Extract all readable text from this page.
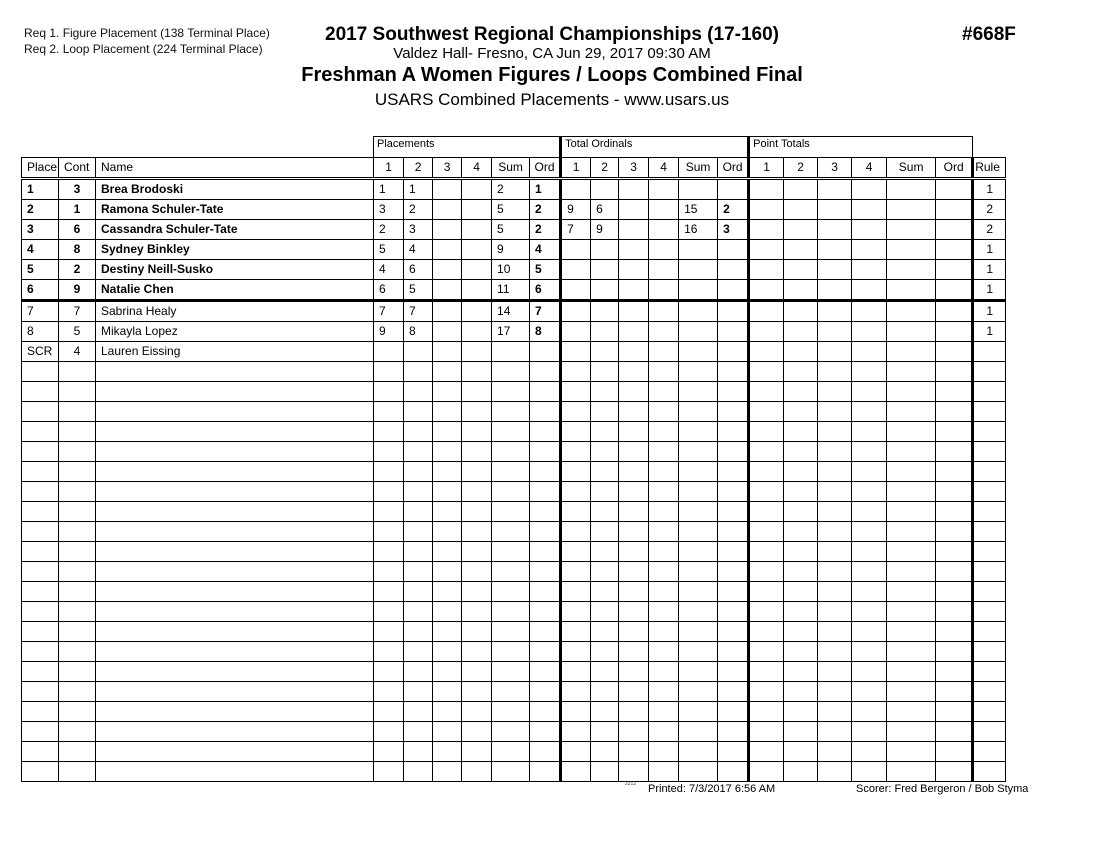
Req 1. Figure Placement (138 Terminal Place)
Req 2. Loop Placement (224 Terminal Place)
2017 Southwest Regional Championships (17-160)
Valdez Hall- Fresno, CA Jun 29, 2017 09:30 AM
Freshman A Women Figures / Loops Combined Final
USARS Combined Placements - www.usars.us
#668F
			Placements						Total Ordinals						Point Totals						
Place	Cont	Name	1	2	3	4	Sum	Ord	1	2	3	4	Sum	Ord	1	2	3	4	Sum	Ord	Rule
1	3	Brea Brodoski	1	1			2	1													1
2	1	Ramona Schuler-Tate	3	2			5	2	9	6			15	2							2
3	6	Cassandra Schuler-Tate	2	3			5	2	7	9			16	3							2
4	8	Sydney Binkley	5	4			9	4													1
5	2	Destiny Neill-Susko	4	6			10	5													1
6	9	Natalie Chen	6	5			11	6													1
7	7	Sabrina Healy	7	7			14	7													1
8	5	Mikayla Lopez	9	8			17	8													1
SCR	4	Lauren Eissing																			

2212 Printed: 7/3/2017 6:56 AM	Scorer: Fred Bergeron / Bob Styma
